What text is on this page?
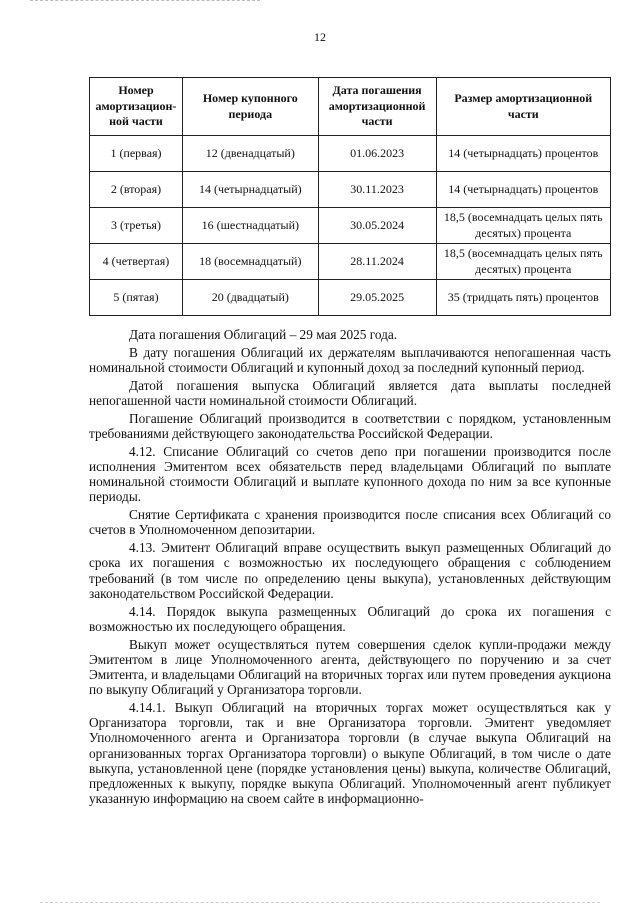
12
Номер амортизацион-ной части	Номер купонного периода	Дата погашения амортизационной части	Размер амортизационной части
1 (первая)	12 (двенадцатый)	01.06.2023	14 (четырнадцать) процентов
2 (вторая)	14 (четырнадцатый)	30.11.2023	14 (четырнадцать) процентов
3 (третья)	16 (шестнадцатый)	30.05.2024	18,5 (восемнадцать целых пять десятых) процента
4 (четвертая)	18 (восемнадцатый)	28.11.2024	18,5 (восемнадцать целых пять десятых) процента
5 (пятая)	20 (двадцатый)	29.05.2025	35 (тридцать пять) процентов

Дата погашения Облигаций – 29 мая 2025 года.

В дату погашения Облигаций их держателям выплачиваются непогашенная часть номинальной стоимости Облигаций и купонный доход за последний купонный период.

Датой погашения выпуска Облигаций является дата выплаты последней непогашенной части номинальной стоимости Облигаций.

Погашение Облигаций производится в соответствии с порядком, установленным требованиями действующего законодательства Российской Федерации.

4.12. Списание Облигаций со счетов депо при погашении производится после исполнения Эмитентом всех обязательств перед владельцами Облигаций по выплате номинальной стоимости Облигаций и выплате купонного дохода по ним за все купонные периоды.

Снятие Сертификата с хранения производится после списания всех Облигаций со счетов в Уполномоченном депозитарии.

4.13. Эмитент Облигаций вправе осуществить выкуп размещенных Облигаций до срока их погашения с возможностью их последующего обращения с соблюдением требований (в том числе по определению цены выкупа), установленных действующим законодательством Российской Федерации.

4.14. Порядок выкупа размещенных Облигаций до срока их погашения с возможностью их последующего обращения.

Выкуп может осуществляться путем совершения сделок купли-продажи между Эмитентом в лице Уполномоченного агента, действующего по поручению и за счет Эмитента, и владельцами Облигаций на вторичных торгах или путем проведения аукциона по выкупу Облигаций у Организатора торговли.

4.14.1. Выкуп Облигаций на вторичных торгах может осуществляться как у Организатора торговли, так и вне Организатора торговли. Эмитент уведомляет Уполномоченного агента и Организатора торговли (в случае выкупа Облигаций на организованных торгах Организатора торговли) о выкупе Облигаций, в том числе о дате выкупа, установленной цене (порядке установления цены) выкупа, количестве Облигаций, предложенных к выкупу, порядке выкупа Облигаций. Уполномоченный агент публикует указанную информацию на своем сайте в информационно-
